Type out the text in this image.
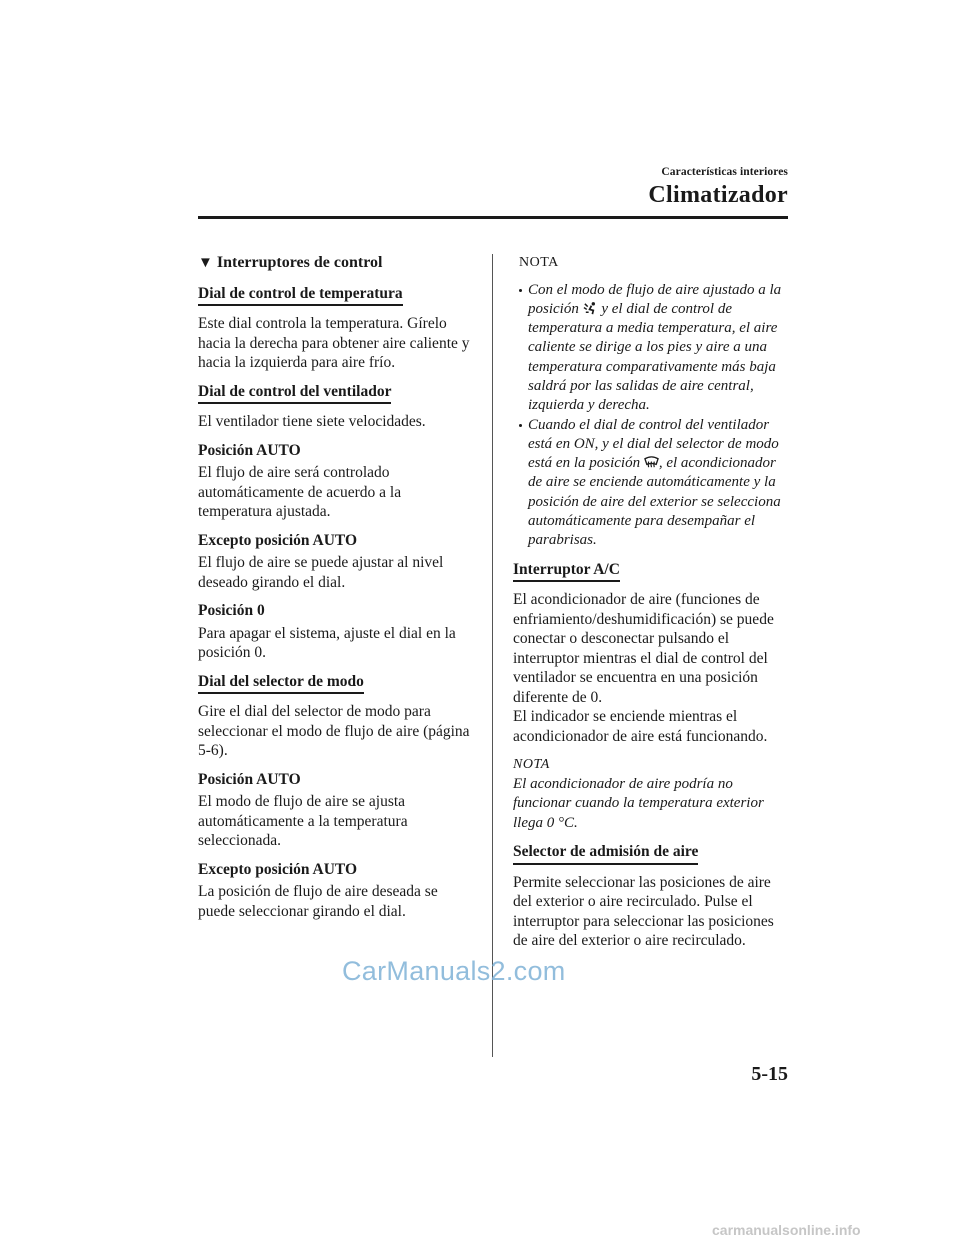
Características interiores
Climatizador
▼ Interruptores de control
Dial de control de temperatura

Este dial controla la temperatura. Gírelo hacia la derecha para obtener aire caliente y hacia la izquierda para aire frío.

Dial de control del ventilador

El ventilador tiene siete velocidades.

Posición AUTO

El flujo de aire será controlado automáticamente de acuerdo a la temperatura ajustada.

Excepto posición AUTO

El flujo de aire se puede ajustar al nivel deseado girando el dial.

Posición 0

Para apagar el sistema, ajuste el dial en la posición 0.

Dial del selector de modo

Gire el dial del selector de modo para seleccionar el modo de flujo de aire (página 5-6).

Posición AUTO

El modo de flujo de aire se ajusta automáticamente a la temperatura seleccionada.

Excepto posición AUTO

La posición de flujo de aire deseada se puede seleccionar girando el dial.

NOTA
Con el modo de flujo de aire ajustado a la posición y el dial de control de temperatura a media temperatura, el aire caliente se dirige a los pies y aire a una temperatura comparativamente más baja saldrá por las salidas de aire central, izquierda y derecha.
Cuando el dial de control del ventilador está en ON, y el dial del selector de modo está en la posición , el acondicionador de aire se enciende automáticamente y la posición de aire del exterior se selecciona automáticamente para desempañar el parabrisas.
Interruptor A/C

El acondicionador de aire (funciones de enfriamiento/deshumidificación) se puede conectar o desconectar pulsando el interruptor mientras el dial de control del ventilador se encuentra en una posición diferente de 0.

El indicador se enciende mientras el acondicionador de aire está funcionando.

NOTA
El acondicionador de aire podría no funcionar cuando la temperatura exterior llega 0 °C.
Selector de admisión de aire

Permite seleccionar las posiciones de aire del exterior o aire recirculado. Pulse el interruptor para seleccionar las posiciones de aire del exterior o aire recirculado.

CarManuals2.com
5-15
carmanualsonline.info
